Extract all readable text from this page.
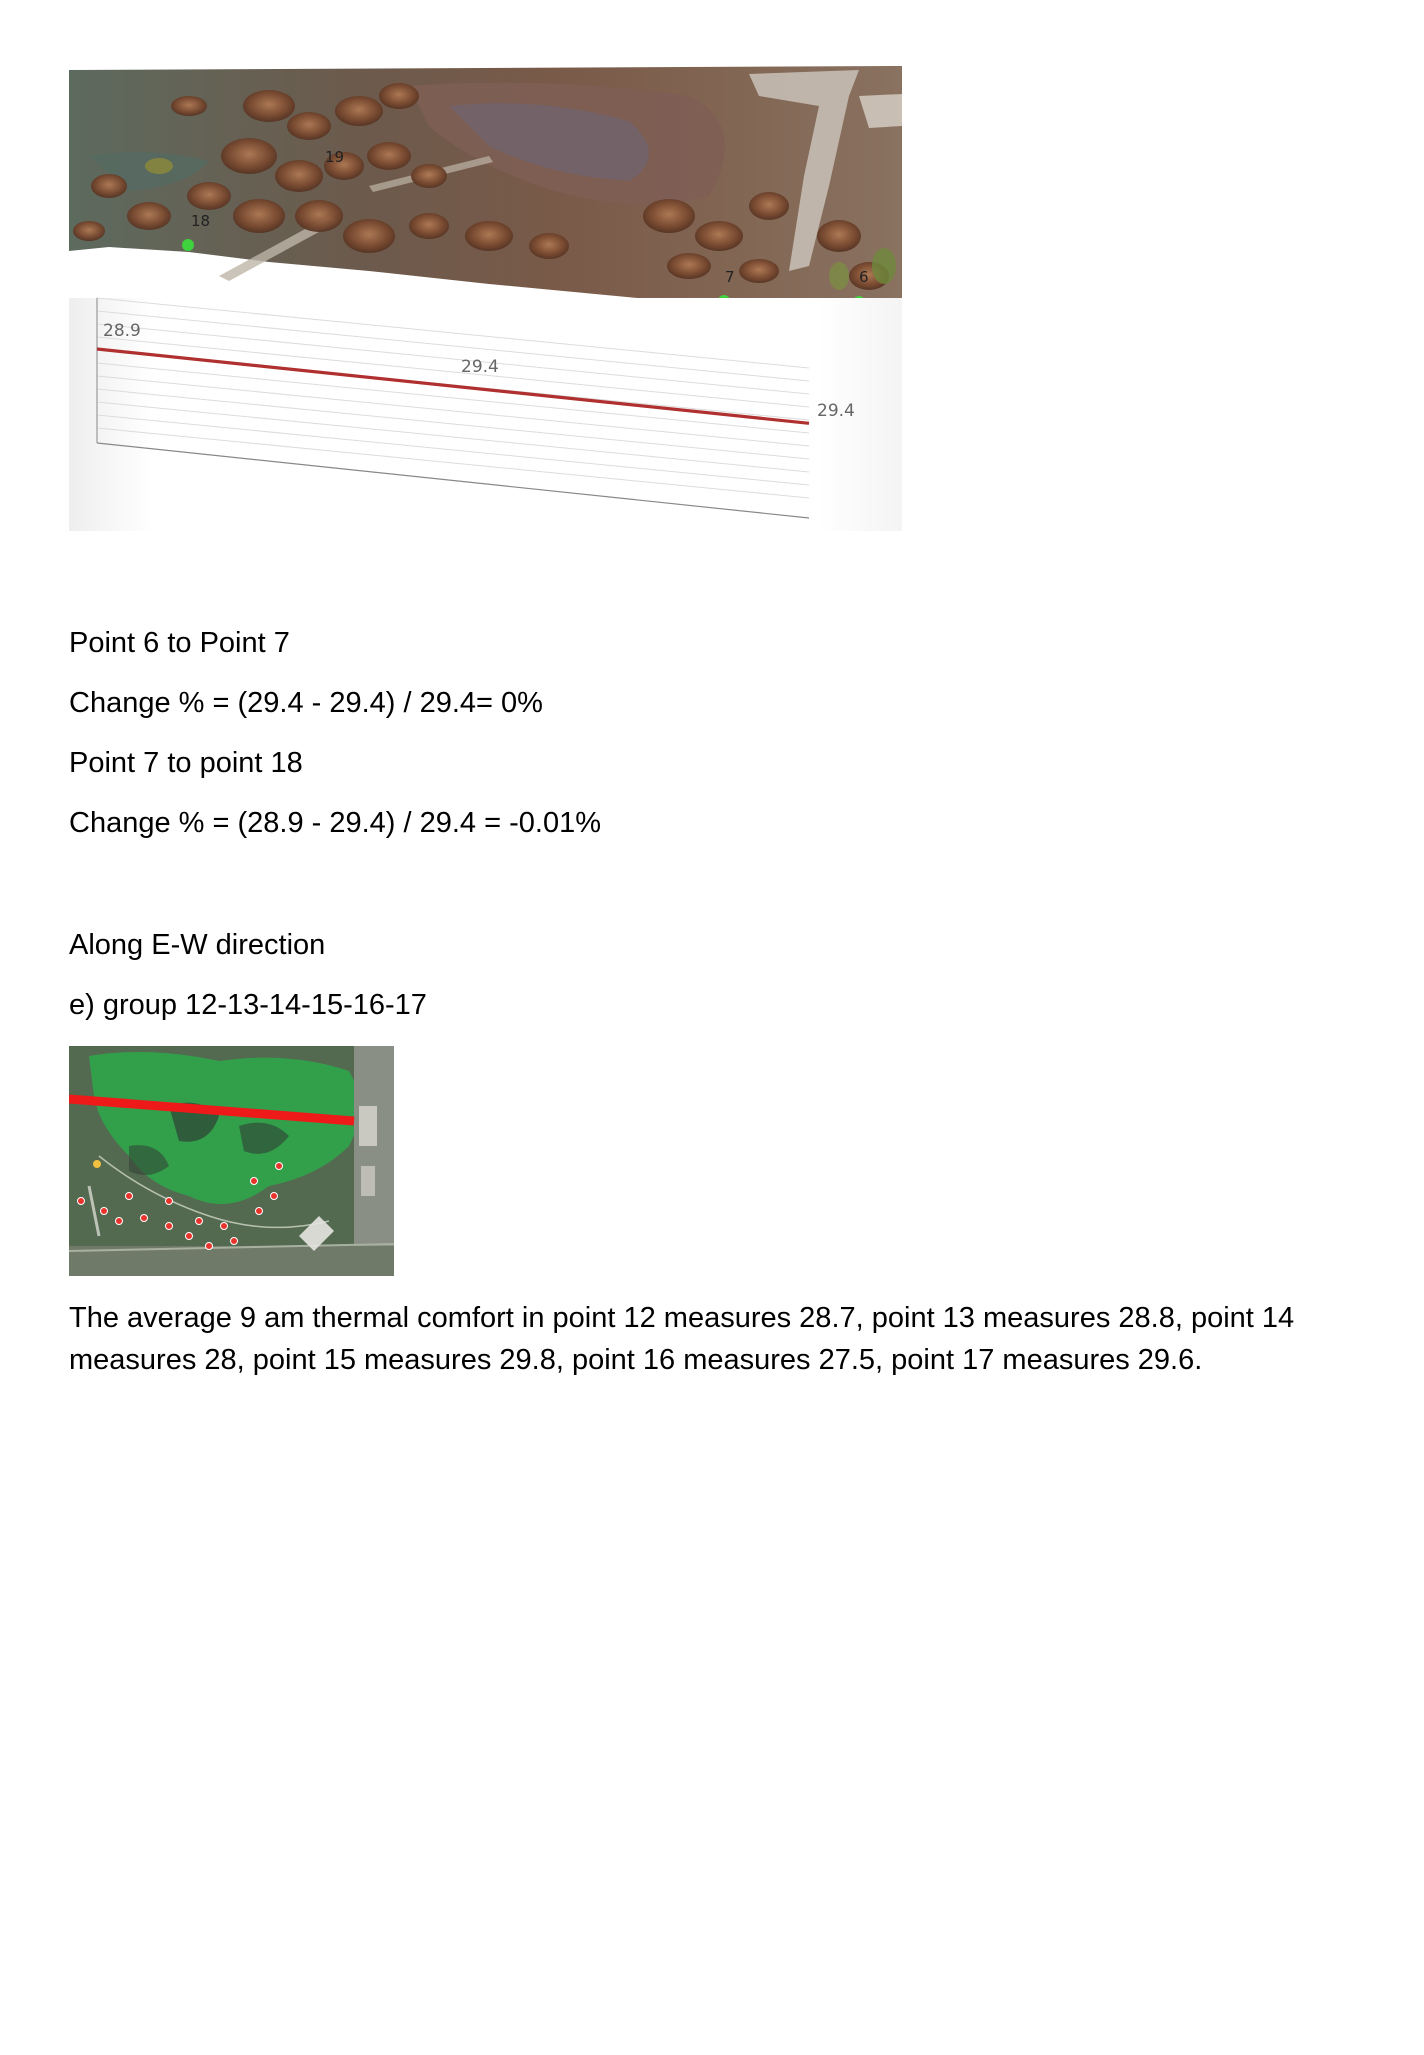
19
18
7	6
28.9
29.4
29.4
Point 6 to Point 7
Change % = (29.4 - 29.4) / 29.4= 0%
Point 7 to point 18
Change % = (28.9 - 29.4) / 29.4 = -0.01%
Along E-W direction
e) group 12-13-14-15-16-17
The average 9 am thermal comfort in point 12 measures 28.7, point 13 measures 28.8, point 14 measures 28, point 15 measures 29.8, point 16 measures 27.5, point 17 measures 29.6.
